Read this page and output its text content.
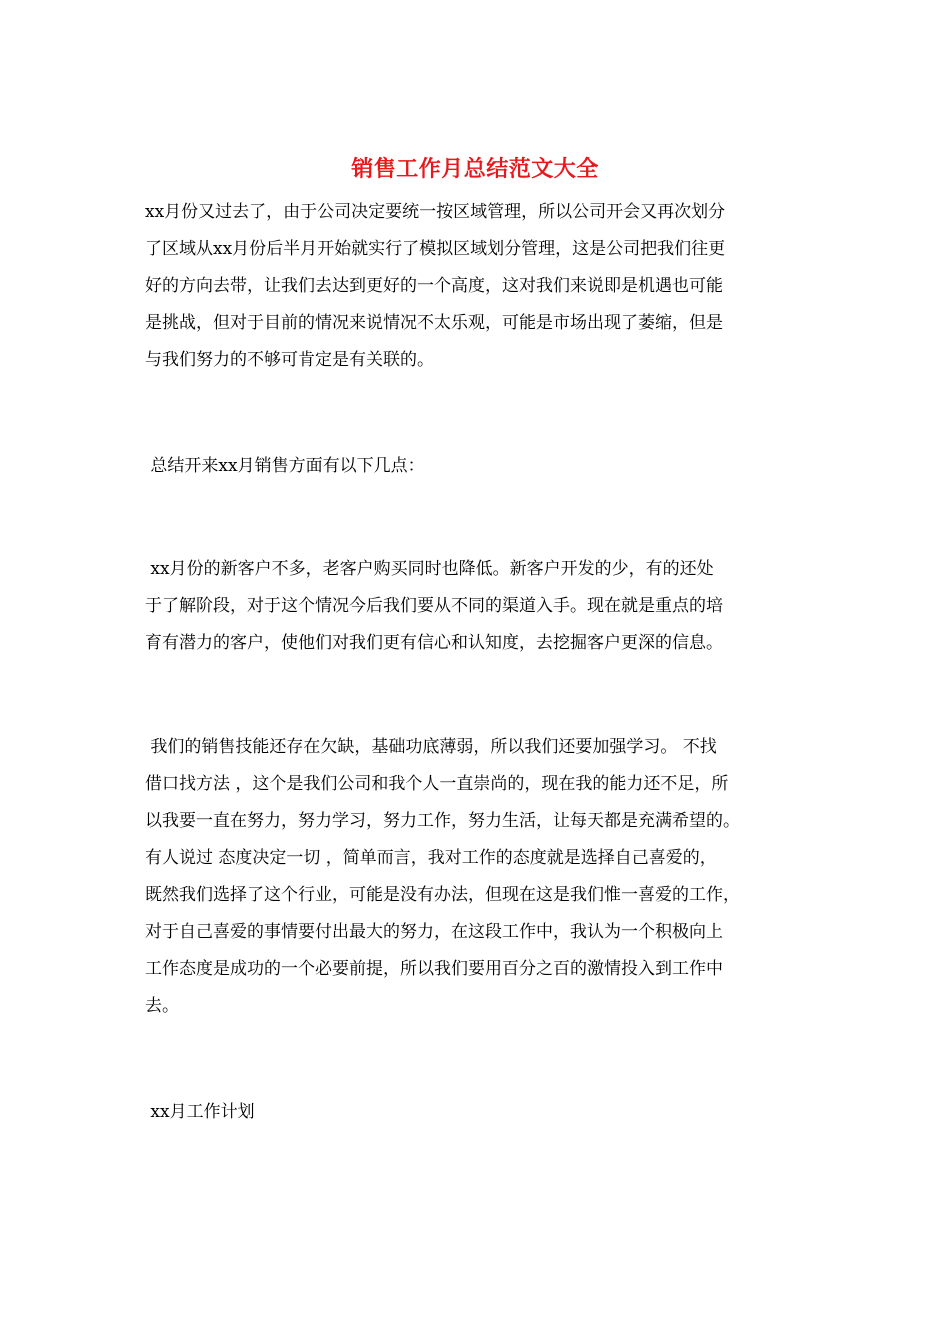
销售工作月总结范文大全

xx月份又过去了，由于公司决定要统一按区域管理，所以公司开会又再次划分

了区域从xx月份后半月开始就实行了模拟区域划分管理，这是公司把我们往更

好的方向去带，让我们去达到更好的一个高度，这对我们来说即是机遇也可能

是挑战，但对于目前的情况来说情况不太乐观，可能是市场出现了萎缩，但是

与我们努力的不够可肯定是有关联的。

总结开来xx月销售方面有以下几点：

xx月份的新客户不多，老客户购买同时也降低。新客户开发的少，有的还处

于了解阶段，对于这个情况今后我们要从不同的渠道入手。现在就是重点的培

育有潜力的客户，使他们对我们更有信心和认知度，去挖掘客户更深的信息。

我们的销售技能还存在欠缺，基础功底薄弱，所以我们还要加强学习。 不找

借口找方法 ，这个是我们公司和我个人一直崇尚的，现在我的能力还不足，所

以我要一直在努力，努力学习，努力工作，努力生活，让每天都是充满希望的。

有人说过 态度决定一切 ，简单而言，我对工作的态度就是选择自己喜爱的，

既然我们选择了这个行业，可能是没有办法，但现在这是我们惟一喜爱的工作，

对于自己喜爱的事情要付出最大的努力，在这段工作中，我认为一个积极向上

工作态度是成功的一个必要前提，所以我们要用百分之百的激情投入到工作中

去。

xx月工作计划
